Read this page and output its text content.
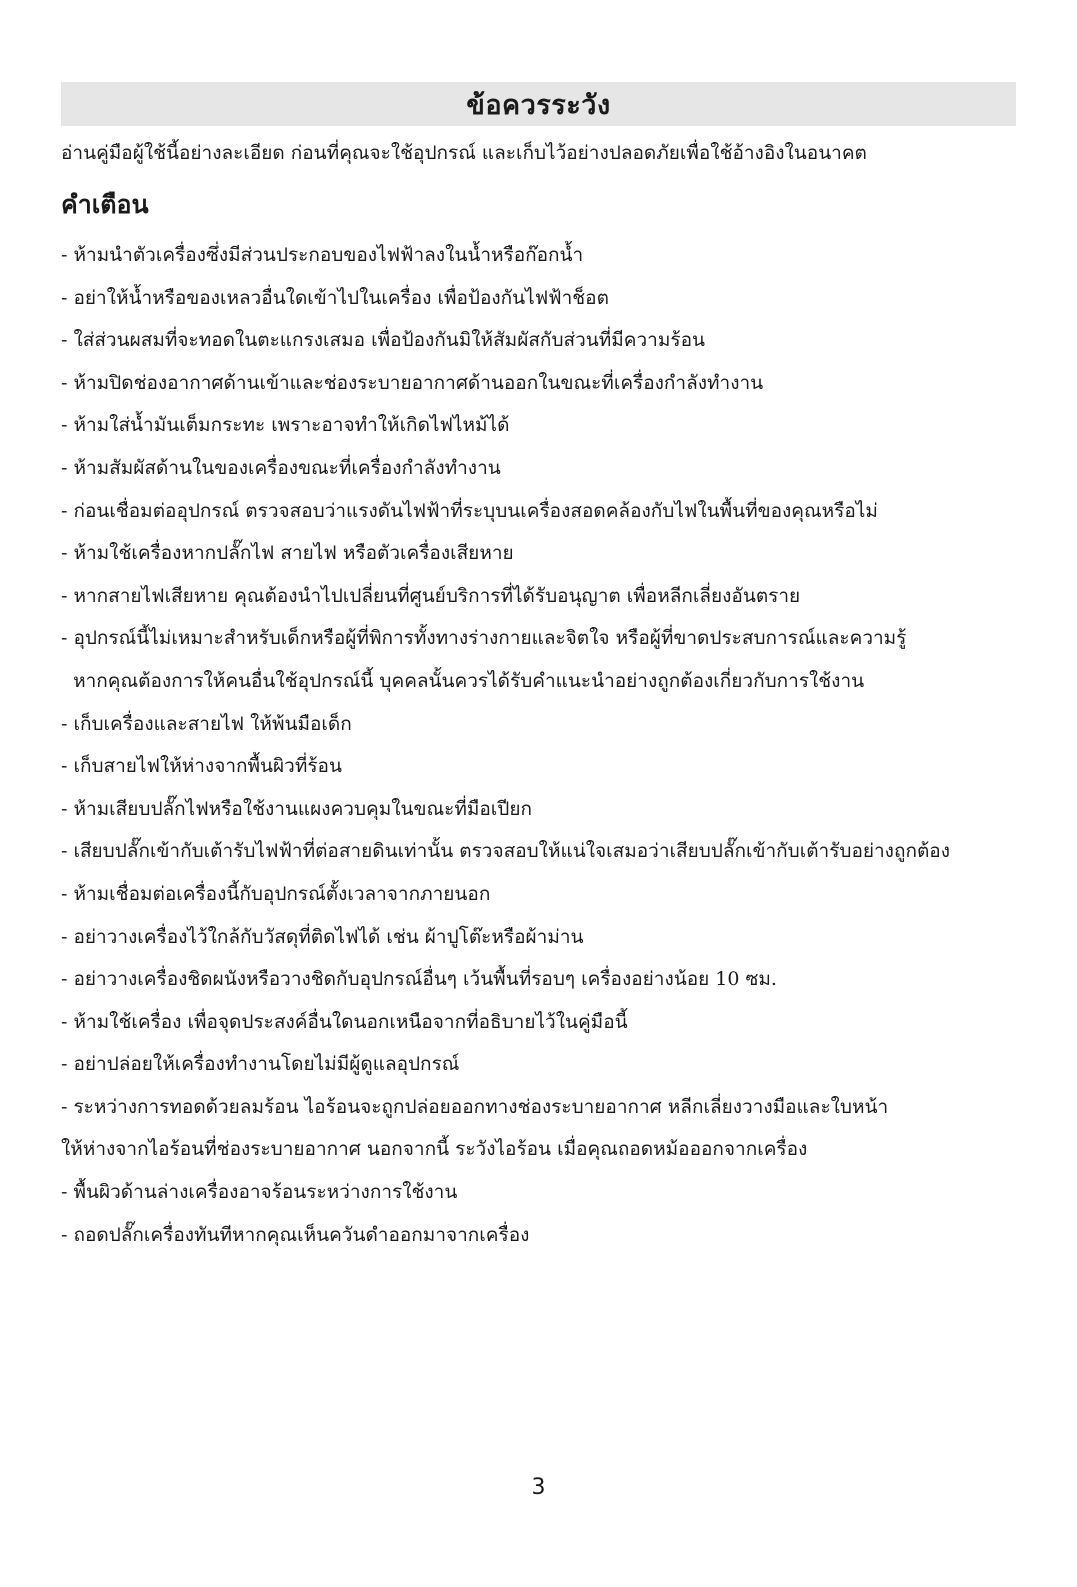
ข้อควรระวัง
อ่านคู่มือผู้ใช้นี้อย่างละเอียด ก่อนที่คุณจะใช้อุปกรณ์ และเก็บไว้อย่างปลอดภัยเพื่อใช้อ้างอิงในอนาคต
คำเตือน
- ห้ามนำตัวเครื่องซึ่งมีส่วนประกอบของไฟฟ้าลงในน้ำหรือก๊อกน้ำ
- อย่าให้น้ำหรือของเหลวอื่นใดเข้าไปในเครื่อง เพื่อป้องกันไฟฟ้าช็อต
- ใส่ส่วนผสมที่จะทอดในตะแกรงเสมอ เพื่อป้องกันมิให้สัมผัสกับส่วนที่มีความร้อน
- ห้ามปิดช่องอากาศด้านเข้าและช่องระบายอากาศด้านออกในขณะที่เครื่องกำลังทำงาน
- ห้ามใส่น้ำมันเต็มกระทะ เพราะอาจทำให้เกิดไฟไหม้ได้
- ห้ามสัมผัสด้านในของเครื่องขณะที่เครื่องกำลังทำงาน
- ก่อนเชื่อมต่ออุปกรณ์ ตรวจสอบว่าแรงดันไฟฟ้าที่ระบุบนเครื่องสอดคล้องกับไฟในพื้นที่ของคุณหรือไม่
- ห้ามใช้เครื่องหากปลั๊กไฟ สายไฟ หรือตัวเครื่องเสียหาย
- หากสายไฟเสียหาย คุณต้องนำไปเปลี่ยนที่ศูนย์บริการที่ได้รับอนุญาต เพื่อหลีกเลี่ยงอันตราย
- อุปกรณ์นี้ไม่เหมาะสำหรับเด็กหรือผู้ที่พิการทั้งทางร่างกายและจิตใจ หรือผู้ที่ขาดประสบการณ์และความรู้
หากคุณต้องการให้คนอื่นใช้อุปกรณ์นี้ บุคคลนั้นควรได้รับคำแนะนำอย่างถูกต้องเกี่ยวกับการใช้งาน
- เก็บเครื่องและสายไฟ ให้พ้นมือเด็ก
- เก็บสายไฟให้ห่างจากพื้นผิวที่ร้อน
- ห้ามเสียบปลั๊กไฟหรือใช้งานแผงควบคุมในขณะที่มือเปียก
- เสียบปลั๊กเข้ากับเต้ารับไฟฟ้าที่ต่อสายดินเท่านั้น ตรวจสอบให้แน่ใจเสมอว่าเสียบปลั๊กเข้ากับเต้ารับอย่างถูกต้อง
- ห้ามเชื่อมต่อเครื่องนี้กับอุปกรณ์ตั้งเวลาจากภายนอก
- อย่าวางเครื่องไว้ใกล้กับวัสดุที่ติดไฟได้ เช่น ผ้าปูโต๊ะหรือผ้าม่าน
- อย่าวางเครื่องชิดผนังหรือวางชิดกับอุปกรณ์อื่นๆ เว้นพื้นที่รอบๆ เครื่องอย่างน้อย 10 ซม.
- ห้ามใช้เครื่อง เพื่อจุดประสงค์อื่นใดนอกเหนือจากที่อธิบายไว้ในคู่มือนี้
- อย่าปล่อยให้เครื่องทำงานโดยไม่มีผู้ดูแลอุปกรณ์
- ระหว่างการทอดด้วยลมร้อน ไอร้อนจะถูกปล่อยออกทางช่องระบายอากาศ หลีกเลี่ยงวางมือและใบหน้า
ให้ห่างจากไอร้อนที่ช่องระบายอากาศ นอกจากนี้ ระวังไอร้อน เมื่อคุณถอดหม้อออกจากเครื่อง
- พื้นผิวด้านล่างเครื่องอาจร้อนระหว่างการใช้งาน
- ถอดปลั๊กเครื่องทันทีหากคุณเห็นควันดำออกมาจากเครื่อง
3
